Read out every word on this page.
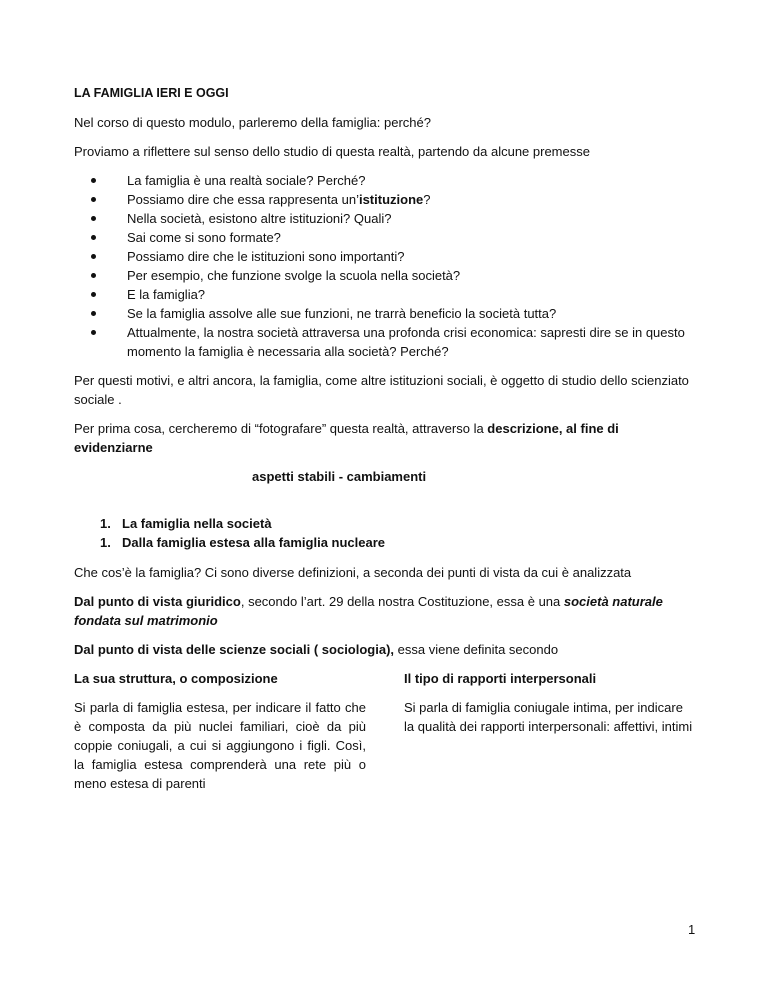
LA FAMIGLIA IERI E OGGI

Nel corso di questo modulo, parleremo della famiglia: perché?

Proviamo a riflettere sul senso dello studio di questa realtà, partendo da alcune premesse

La famiglia è una realtà sociale? Perché?
Possiamo dire che essa rappresenta un’istituzione?
Nella società, esistono altre istituzioni? Quali?
Sai come si sono formate?
Possiamo dire che le istituzioni sono importanti?
Per esempio, che funzione svolge la scuola nella società?
E la famiglia?
Se la famiglia assolve alle sue funzioni, ne trarrà beneficio la società tutta?
Attualmente, la nostra società attraversa una profonda crisi economica: sapresti dire se in questo momento la famiglia è necessaria alla società? Perché?

Per questi motivi, e altri ancora, la famiglia, come altre istituzioni sociali, è oggetto di studio dello scienziato sociale .

Per prima cosa, cercheremo di “fotografare” questa realtà, attraverso la descrizione, al fine di evidenziarne

aspetti stabili - cambiamenti

1. La famiglia nella società
1. Dalla famiglia estesa alla famiglia nucleare

Che cos’è la famiglia? Ci sono diverse definizioni, a seconda dei punti di vista da cui è analizzata

Dal punto di vista giuridico, secondo l’art. 29 della nostra Costituzione, essa è una società naturale fondata sul matrimonio

Dal punto di vista delle scienze sociali ( sociologia), essa viene definita secondo

La sua struttura, o composizione

Si parla di famiglia estesa, per indicare il fatto che è composta da più nuclei familiari, cioè da più coppie coniugali, a cui si aggiungono i figli. Così, la famiglia estesa comprenderà una rete più o meno estesa di parenti

Il tipo di rapporti interpersonali

Si parla di famiglia coniugale intima, per indicare la qualità dei rapporti interpersonali: affettivi, intimi

1
